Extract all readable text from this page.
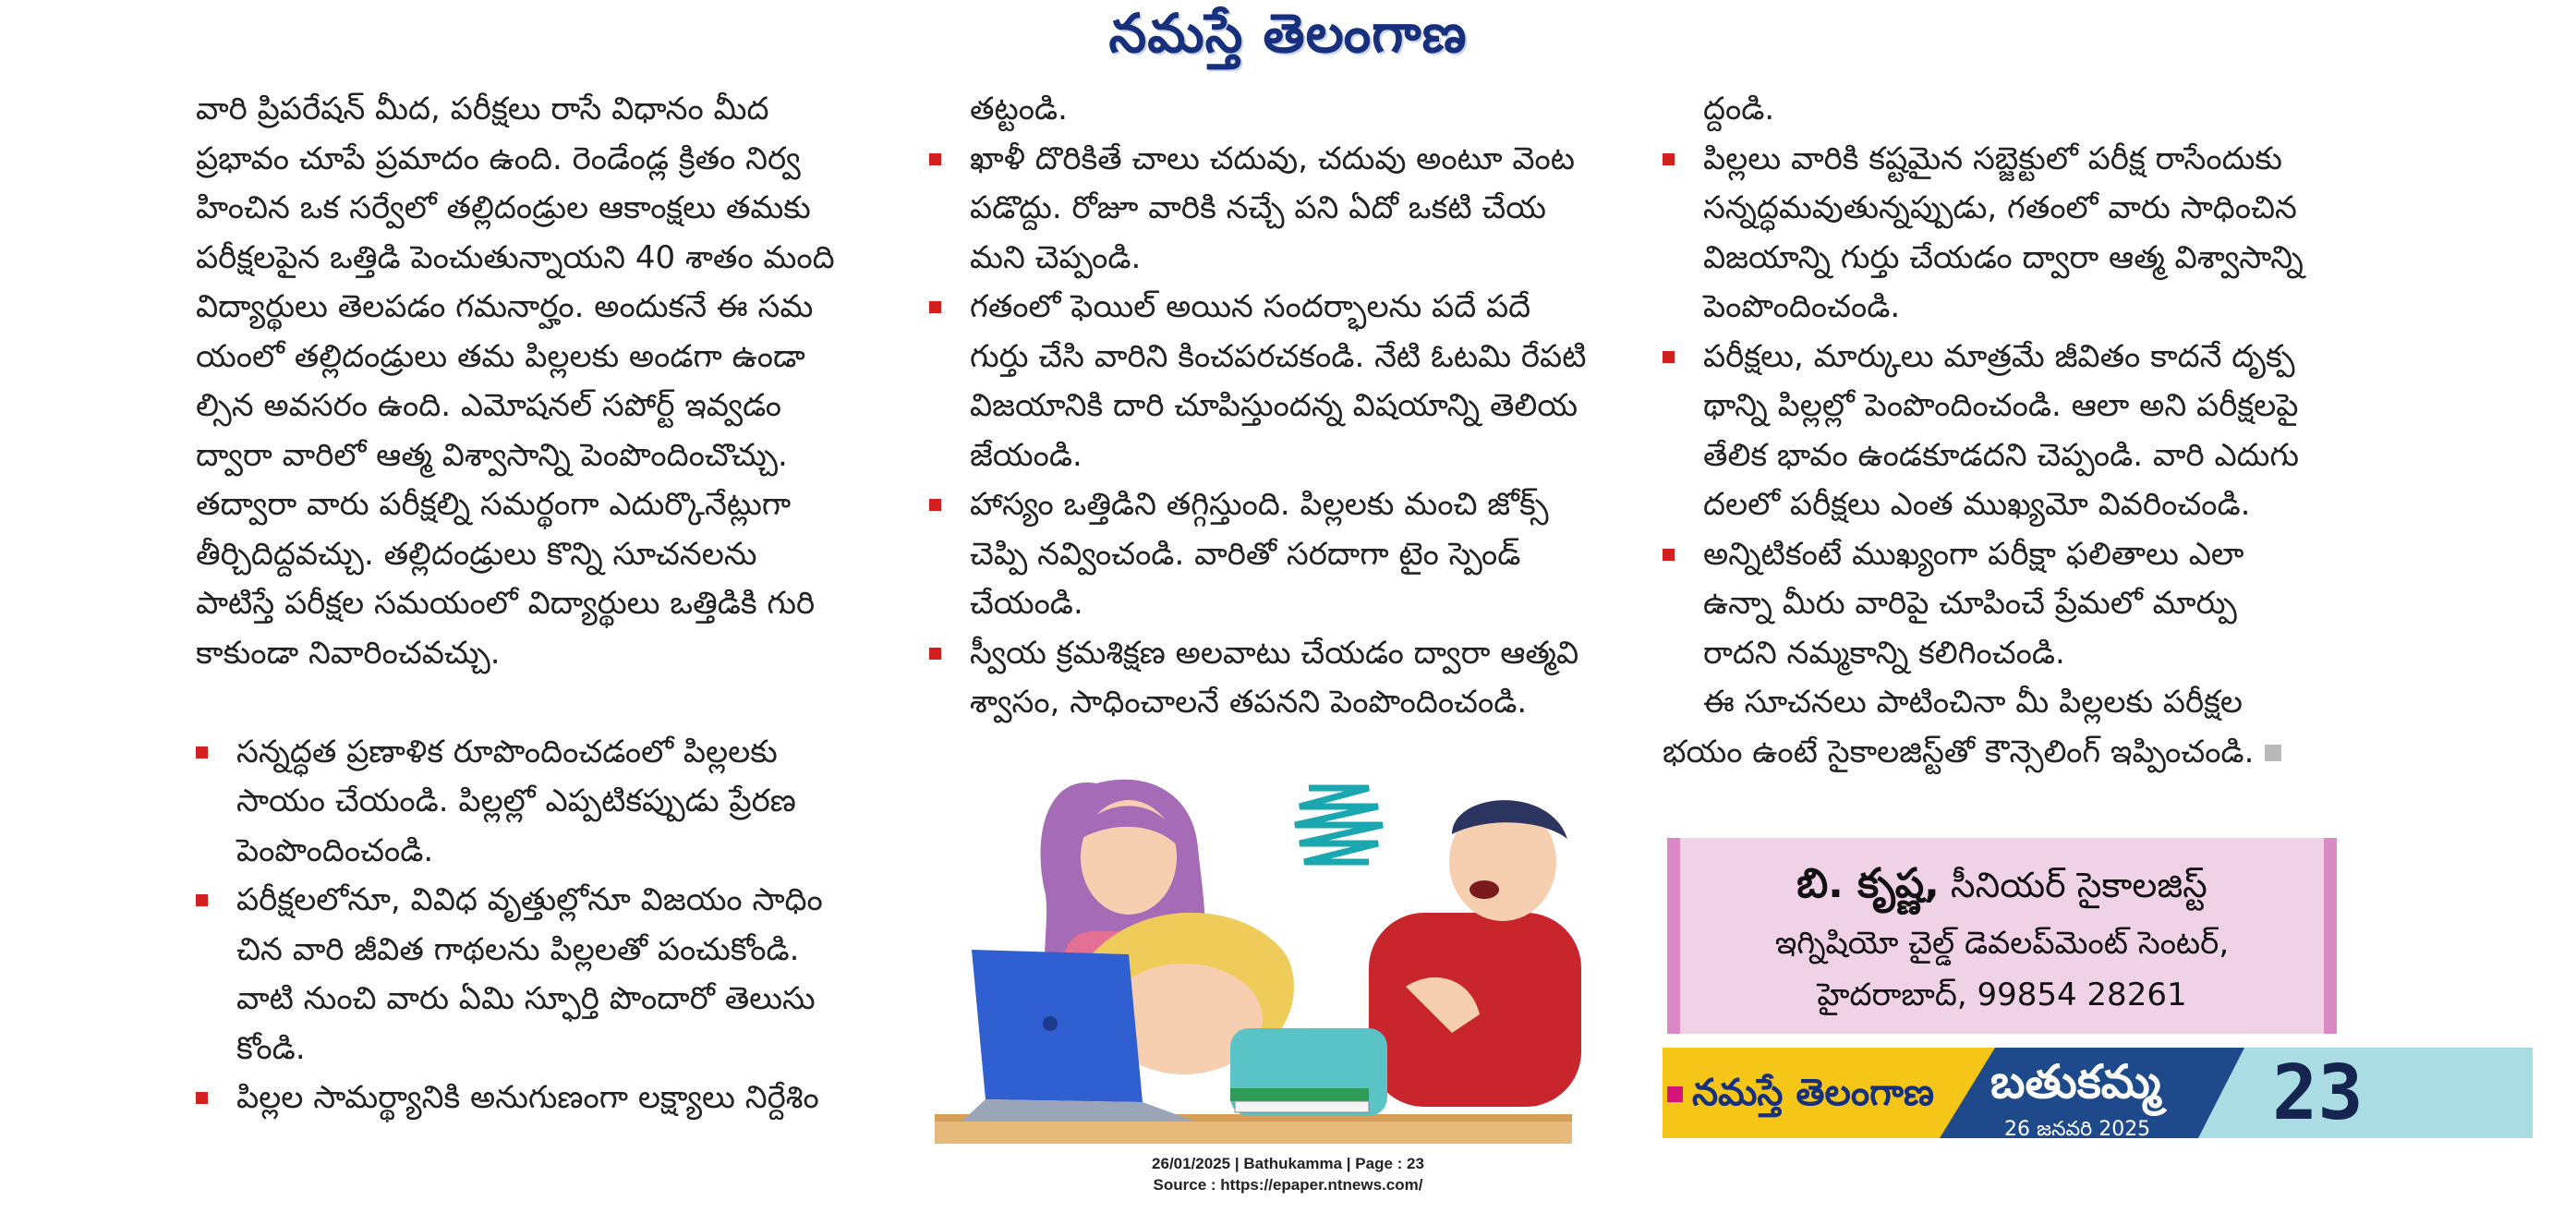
నమస్తే తెలంగాణ

వారి ప్రిపరేషన్ మీద, పరీక్షలు రాసే విధానం మీద

ప్రభావం చూపే ప్రమాదం ఉంది. రెండేండ్ల క్రితం నిర్వ

హించిన ఒక సర్వేలో తల్లిదండ్రుల ఆకాంక్షలు తమకు

పరీక్షలపైన ఒత్తిడి పెంచుతున్నాయని 40 శాతం మంది

విద్యార్థులు తెలపడం గమనార్హం. అందుకనే ఈ సమ

యంలో తల్లిదండ్రులు తమ పిల్లలకు అండగా ఉండా

ల్సిన అవసరం ఉంది. ఎమోషనల్ సపోర్ట్ ఇవ్వడం

ద్వారా వారిలో ఆత్మ విశ్వాసాన్ని పెంపొందించొచ్చు.

తద్వారా వారు పరీక్షల్ని సమర్థంగా ఎదుర్కొనేట్లుగా

తీర్చిదిద్దవచ్చు. తల్లిదండ్రులు కొన్ని సూచనలను

పాటిస్తే పరీక్షల సమయంలో విద్యార్థులు ఒత్తిడికి గురి

కాకుండా నివారించవచ్చు.

సన్నద్ధత ప్రణాళిక రూపొందించడంలో పిల్లలకు

సాయం చేయండి. పిల్లల్లో ఎప్పటికప్పుడు ప్రేరణ

పెంపొందించండి.

పరీక్షలలోనూ, వివిధ వృత్తుల్లోనూ విజయం సాధిం

చిన వారి జీవిత గాథలను పిల్లలతో పంచుకోండి.

వాటి నుంచి వారు ఏమి స్ఫూర్తి పొందారో తెలుసు

కోండి.

పిల్లల సామర్థ్యానికి అనుగుణంగా లక్ష్యాలు నిర్దేశిం

తట్టండి.

ఖాళీ దొరికితే చాలు చదువు, చదువు అంటూ వెంట

పడొద్దు. రోజూ వారికి నచ్చే పని ఏదో ఒకటి చేయ

మని చెప్పండి.

గతంలో ఫెయిల్ అయిన సందర్భాలను పదే పదే

గుర్తు చేసి వారిని కించపరచకండి. నేటి ఓటమి రేపటి

విజయానికి దారి చూపిస్తుందన్న విషయాన్ని తెలియ

జేయండి.

హాస్యం ఒత్తిడిని తగ్గిస్తుంది. పిల్లలకు మంచి జోక్స్

చెప్పి నవ్వించండి. వారితో సరదాగా టైం స్పెండ్

చేయండి.

స్వీయ క్రమశిక్షణ అలవాటు చేయడం ద్వారా ఆత్మవి

శ్వాసం, సాధించాలనే తపనని పెంపొందించండి.

ద్దండి.

పిల్లలు వారికి కష్టమైన సబ్జెక్టులో పరీక్ష రాసేందుకు

సన్నద్ధమవుతున్నప్పుడు, గతంలో వారు సాధించిన

విజయాన్ని గుర్తు చేయడం ద్వారా ఆత్మ విశ్వాసాన్ని

పెంపొందించండి.

పరీక్షలు, మార్కులు మాత్రమే జీవితం కాదనే దృక్ప

థాన్ని పిల్లల్లో పెంపొందించండి. ఆలా అని పరీక్షలపై

తేలిక భావం ఉండకూడదని చెప్పండి. వారి ఎదుగు

దలలో పరీక్షలు ఎంత ముఖ్యమో వివరించండి.

అన్నిటికంటే ముఖ్యంగా పరీక్షా ఫలితాలు ఎలా

ఉన్నా మీరు వారిపై చూపించే ప్రేమలో మార్పు

రాదని నమ్మకాన్ని కలిగించండి.

ఈ సూచనలు పాటించినా మీ పిల్లలకు పరీక్షల

భయం ఉంటే సైకాలజిస్ట్‌తో కౌన్సెలింగ్ ఇప్పించండి.

బి. కృష్ణ, సీనియర్ సైకాలజిస్ట్
ఇగ్నిషియో చైల్డ్ డెవలప్‌మెంట్ సెంటర్,
హైదరాబాద్, 99854 28261
నమస్తే తెలంగాణ బతుకమ్మ
26 జనవరి 2025 23
26/01/2025 | Bathukamma | Page : 23
Source : https://epaper.ntnews.com/
